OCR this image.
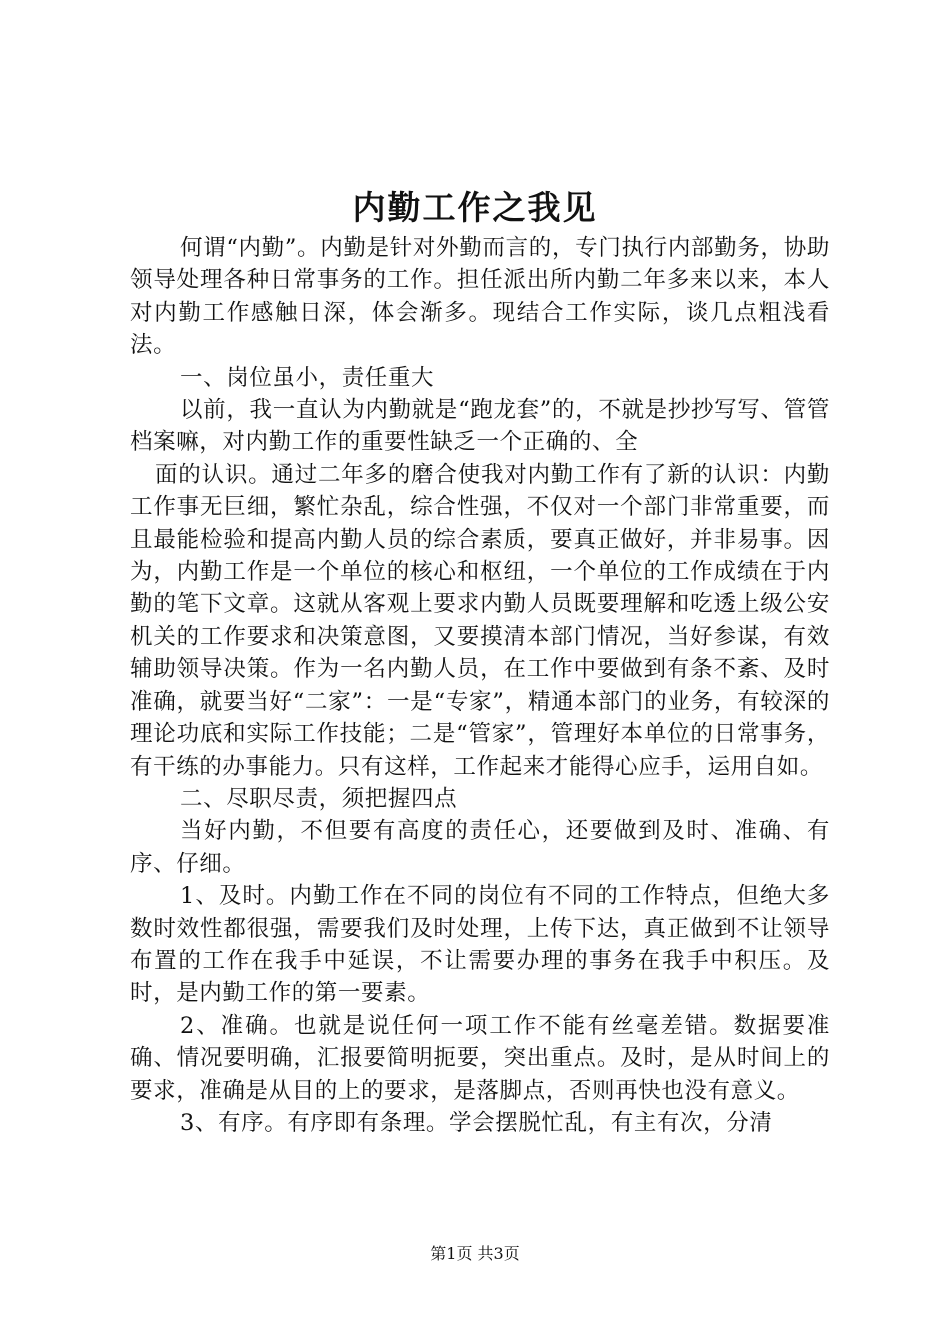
内勤工作之我见

何谓“内勤”。内勤是针对外勤而言的，专门执行内部勤务，协助领导处理各种日常事务的工作。担任派出所内勤二年多来以来，本人对内勤工作感触日深，体会渐多。现结合工作实际，谈几点粗浅看法。

一、岗位虽小，责任重大

以前，我一直认为内勤就是“跑龙套”的，不就是抄抄写写、管管档案嘛，对内勤工作的重要性缺乏一个正确的、全

面的认识。通过二年多的磨合使我对内勤工作有了新的认识：内勤工作事无巨细，繁忙杂乱，综合性强，不仅对一个部门非常重要，而且最能检验和提高内勤人员的综合素质，要真正做好，并非易事。因为，内勤工作是一个单位的核心和枢纽，一个单位的工作成绩在于内勤的笔下文章。这就从客观上要求内勤人员既要理解和吃透上级公安机关的工作要求和决策意图，又要摸清本部门情况，当好参谋，有效辅助领导决策。作为一名内勤人员，在工作中要做到有条不紊、及时准确，就要当好“二家”：一是“专家”，精通本部门的业务，有较深的理论功底和实际工作技能；二是“管家”，管理好本单位的日常事务，有干练的办事能力。只有这样，工作起来才能得心应手，运用自如。

二、尽职尽责，须把握四点

当好内勤，不但要有高度的责任心，还要做到及时、准确、有序、仔细。

1、及时。内勤工作在不同的岗位有不同的工作特点，但绝大多数时效性都很强，需要我们及时处理，上传下达，真正做到不让领导布置的工作在我手中延误，不让需要办理的事务在我手中积压。及时，是内勤工作的第一要素。

2、准确。也就是说任何一项工作不能有丝毫差错。数据要准确、情况要明确，汇报要简明扼要，突出重点。及时，是从时间上的要求，准确是从目的上的要求，是落脚点，否则再快也没有意义。

3、有序。有序即有条理。学会摆脱忙乱，有主有次，分清

第1页 共3页
